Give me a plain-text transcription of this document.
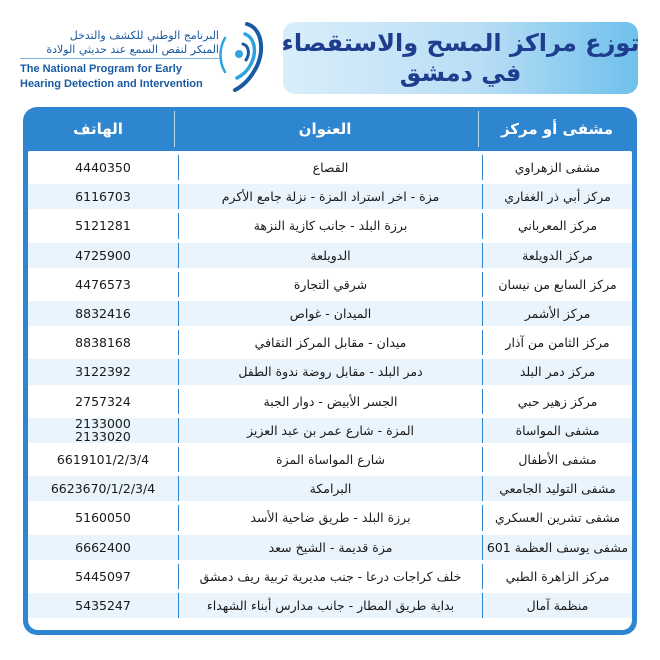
توزع مراكز المسح والاستقصاء
في دمشق
البرنامج الوطني للكشف والتدخل
المبكر لنقص السمع عند حديثي الولادة
The National Program for Early
Hearing Detection and Intervention
مشفى أو مركز
العنوان
الهاتف
مشفى الزهراوي
القصاع
4440350
مركز أبي ذر الغفاري
مزة - اخر استراد المزة - نزلة جامع الأكرم
6116703
مركز المعرباني
برزة البلد - جانب كازية النزهة
5121281
مركز الدويلعة
الدويلعة
4725900
مركز السابع من نيسان
شرقي التجارة
4476573
مركز الأشمر
الميدان - غواص
8832416
مركز الثامن من آذار
ميدان - مقابل المركز الثقافي
8838168
مركز دمر البلد
دمر البلد - مقابل روضة ندوة الطفل
3122392
مركز زهير حبي
الجسر الأبيض - دوار الجبة
2757324
مشفى المواساة
المزة - شارع عمر بن عبد العزيز
2133000
2133020
مشفى الأطفال
شارع المواساة المزة
6619101/2/3/4
مشفى التوليد الجامعي
البرامكة
6623670/1/2/3/4
مشفى تشرين العسكري
برزة البلد - طريق ضاحية الأسد
5160050
مشفى يوسف العظمة 601
مزة قديمة - الشيخ سعد
6662400
مركز الزاهرة الطبي
خلف كراجات درعا - جنب مديرية تربية ريف دمشق
5445097
منظمة آمال
بداية طريق المطار - جانب مدارس أبناء الشهداء
5435247
